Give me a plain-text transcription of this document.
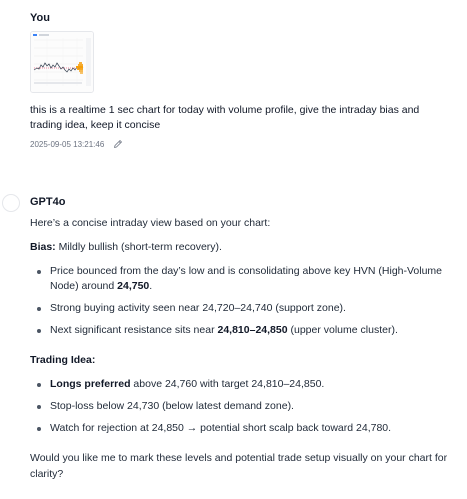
You
this is a realtime 1 sec chart for today with volume profile, give the intraday bias and trading idea, keep it concise
2025-09-05 13:21:46
GPT4o
Here’s a concise intraday view based on your chart:
Bias: Mildly bullish (short-term recovery).
Price bounced from the day’s low and is consolidating above key HVN (High-Volume Node) around 24,750.
Strong buying activity seen near 24,720–24,740 (support zone).
Next significant resistance sits near 24,810–24,850 (upper volume cluster).
Trading Idea:
Longs preferred above 24,760 with target 24,810–24,850.
Stop-loss below 24,730 (below latest demand zone).
Watch for rejection at 24,850 → potential short scalp back toward 24,780.
Would you like me to mark these levels and potential trade setup visually on your chart for clarity?
